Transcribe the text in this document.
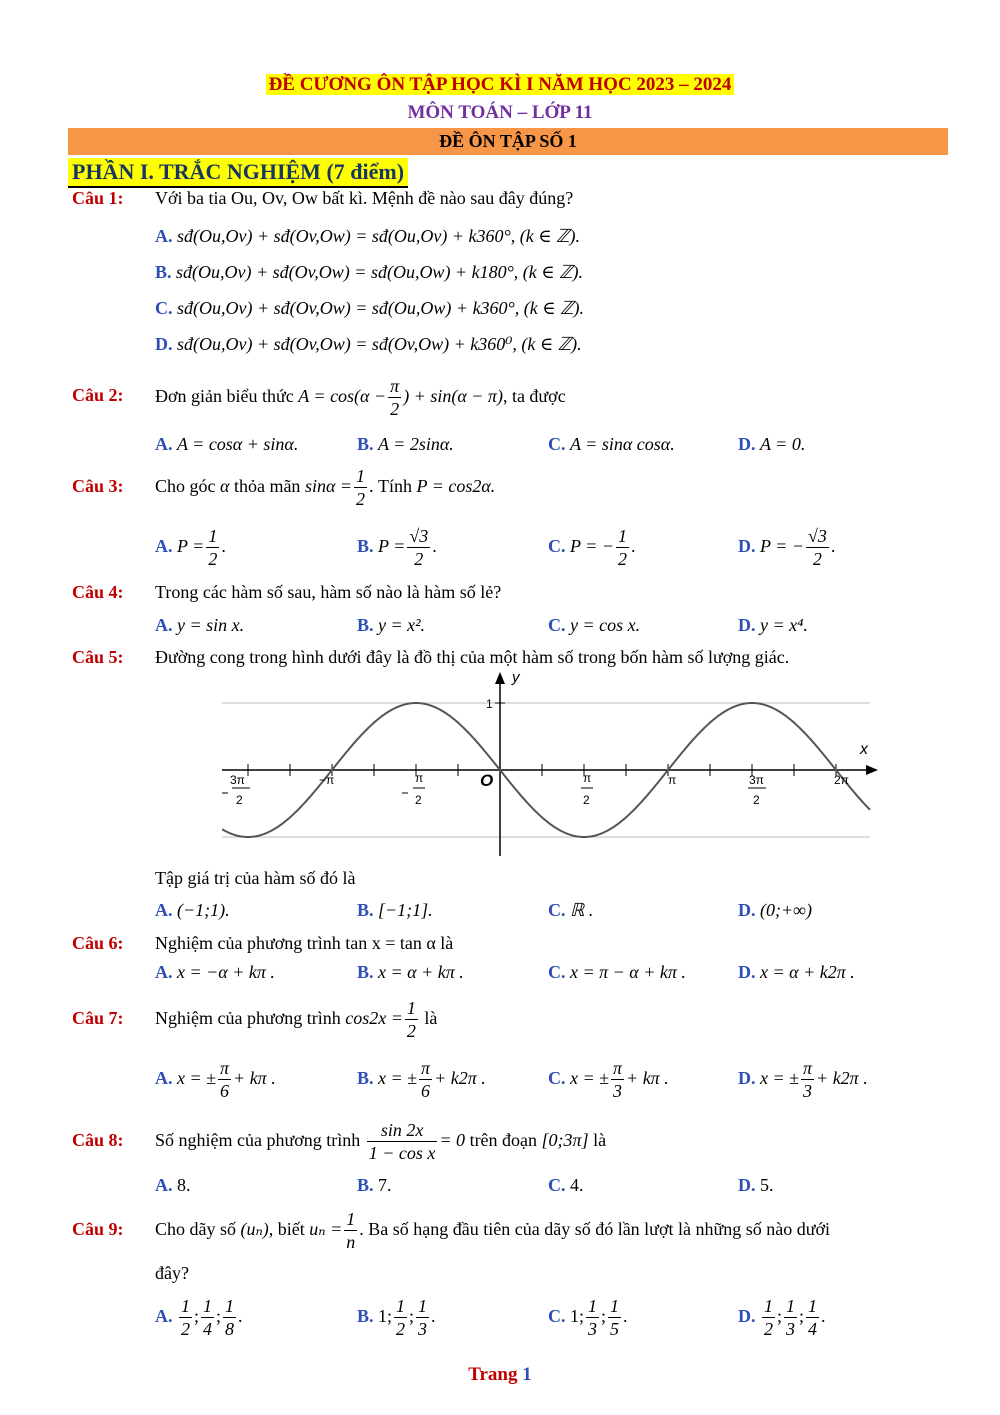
ĐỀ CƯƠNG ÔN TẬP HỌC KÌ I NĂM HỌC 2023 – 2024
MÔN TOÁN – LỚP 11
ĐỀ ÔN TẬP SỐ 1
PHẦN I. TRẮC NGHIỆM (7 điểm)
Câu 1: Với ba tia Ou, Ov, Ow bất kì. Mệnh đề nào sau đây đúng?
A. sđ(Ou,Ov) + sđ(Ov,Ow) = sđ(Ou,Ov) + k360°, (k ∈ ℤ).
B. sđ(Ou,Ov) + sđ(Ov,Ow) = sđ(Ou,Ow) + k180°, (k ∈ ℤ).
C. sđ(Ou,Ov) + sđ(Ov,Ow) = sđ(Ou,Ow) + k360°, (k ∈ ℤ).
D. sđ(Ou,Ov) + sđ(Ov,Ow) = sđ(Ov,Ow) + k360⁰, (k ∈ ℤ).
Câu 2: Đơn giản biểu thức $A = \cos(\alpha - \frac{\pi}{2}$ ) + sin(α − π), ta được
A. A = cosα + sinα.	B. A = 2sinα.	C. A = sinα cosα.	D. A = 0.
Câu 3: Cho góc α thỏa mãn $\sin\alpha = \frac{1}{2}$ . Tính P = cos2α.
A. $P = \frac{1}{2}$ .	B. $P = \frac{√3}{2}$ .	C. P = − $\frac{1}{2}$ .	D. P = − $\frac{√3}{2}$ .
Câu 4: Trong các hàm số sau, hàm số nào là hàm số lẻ?
A. y = sin x.	B. y = x².	C. y = cos x.	D. y = x⁴.
Câu 5: Đường cong trong hình dưới đây là đồ thị của một hàm số trong bốn hàm số lượng giác.
y
x
1
O
3π
2
−π	π
2
π
2
π	3π
2
2π
Tập giá trị của hàm số đó là
A. (−1;1).	B. [−1;1].	C. ℝ .	D. (0;+∞)
Câu 6: Nghiệm của phương trình tan x = tan α là
A. x = −α + kπ .	B. x = α + kπ .	C. x = π − α + kπ .	D. x = α + k2π .
Câu 7: Nghiệm của phương trình $\cos 2x = \frac{1}{2}$ là
A. x = ± $\frac{\pi}{6} + k\pi$ .	B. x = ± $\frac{\pi}{6} + k2\pi$ .	C. x = ± $\frac{\pi}{3} + k\pi$ .	D. x = ± $\frac{\pi}{3} + k2\pi$ .
Câu 8: Số nghiệm của phương trình $\frac{\sin 2x}{\text{1 − cos x}} = 0$ trên đoạn [0;3π] là
A. 8.	B. 7.	C. 4.	D. 5.
Câu 9: Cho dãy số (uₙ), biết $u_n = \frac{1}{n}$ . Ba số hạng đầu tiên của dãy số đó lần lượt là những số nào dưới
đây?
A. $\frac{1}{2}$ ; $\frac{1}{4}$ ; $\frac{1}{8}$ .	B. 1; $\frac{1}{2}$ ; $\frac{1}{3}$ .	C. 1; $\frac{1}{3}$ ; $\frac{1}{5}$ .	D. $\frac{1}{2}$ ; $\frac{1}{3}$ ; $\frac{1}{4}$ .
Trang 1
